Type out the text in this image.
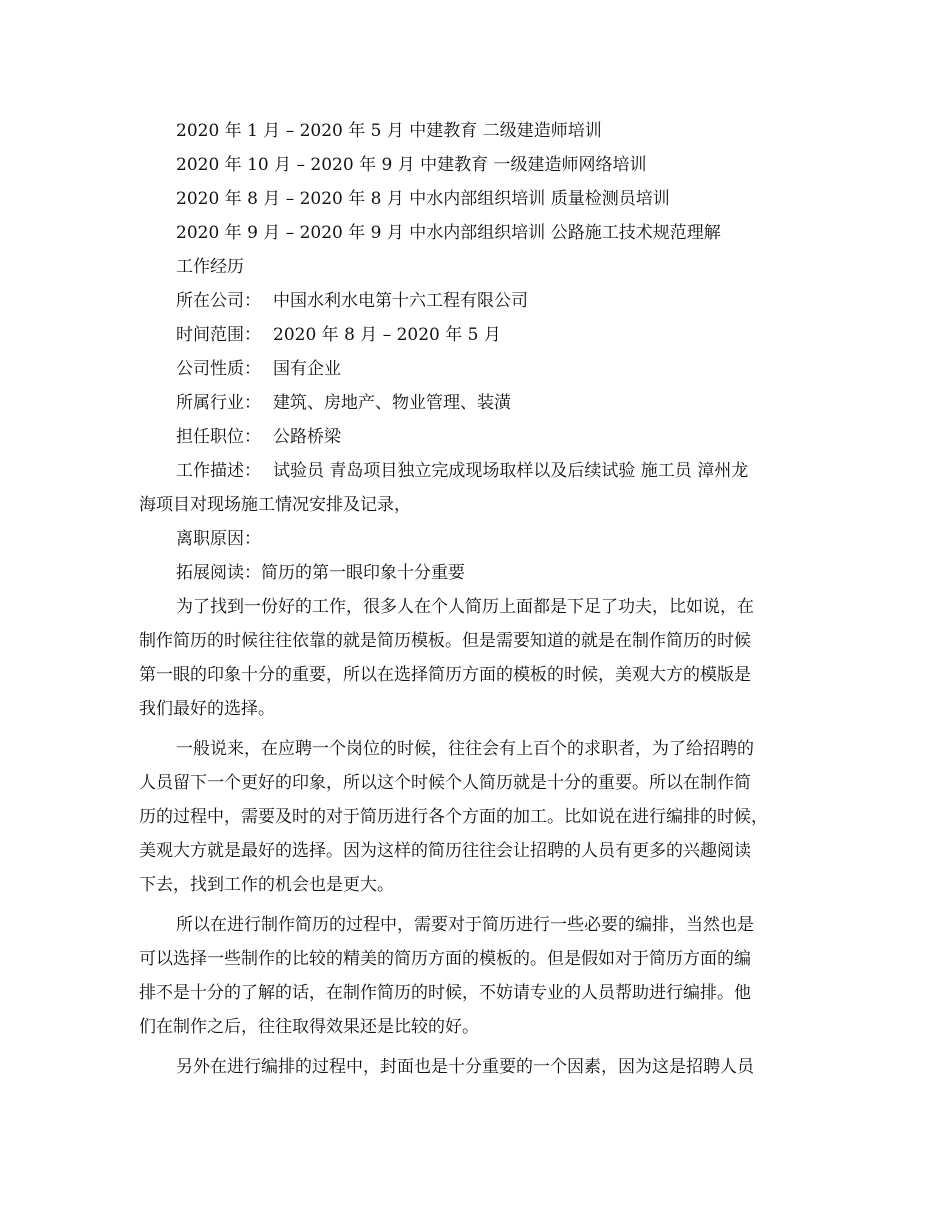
2020 年 1 月 – 2020 年 5 月 中建教育 二级建造师培训
2020 年 10 月 – 2020 年 9 月 中建教育 一级建造师网络培训
2020 年 8 月 – 2020 年 8 月 中水内部组织培训 质量检测员培训
2020 年 9 月 – 2020 年 9 月 中水内部组织培训 公路施工技术规范理解
工作经历
所在公司： 中国水利水电第十六工程有限公司
时间范围： 2020 年 8 月 – 2020 年 5 月
公司性质： 国有企业
所属行业： 建筑、房地产、物业管理、装潢
担任职位： 公路桥梁
工作描述： 试验员 青岛项目独立完成现场取样以及后续试验 施工员 漳州龙
海项目对现场施工情况安排及记录，
离职原因：
拓展阅读：简历的第一眼印象十分重要
为了找到一份好的工作，很多人在个人简历上面都是下足了功夫，比如说，在
制作简历的时候往往依靠的就是简历模板。但是需要知道的就是在制作简历的时候
第一眼的印象十分的重要，所以在选择简历方面的模板的时候，美观大方的模版是
我们最好的选择。
一般说来，在应聘一个岗位的时候，往往会有上百个的求职者，为了给招聘的
人员留下一个更好的印象，所以这个时候个人简历就是十分的重要。所以在制作简
历的过程中，需要及时的对于简历进行各个方面的加工。比如说在进行编排的时候，
美观大方就是最好的选择。因为这样的简历往往会让招聘的人员有更多的兴趣阅读
下去，找到工作的机会也是更大。
所以在进行制作简历的过程中，需要对于简历进行一些必要的编排，当然也是
可以选择一些制作的比较的精美的简历方面的模板的。但是假如对于简历方面的编
排不是十分的了解的话，在制作简历的时候，不妨请专业的人员帮助进行编排。他
们在制作之后，往往取得效果还是比较的好。
另外在进行编排的过程中，封面也是十分重要的一个因素，因为这是招聘人员
